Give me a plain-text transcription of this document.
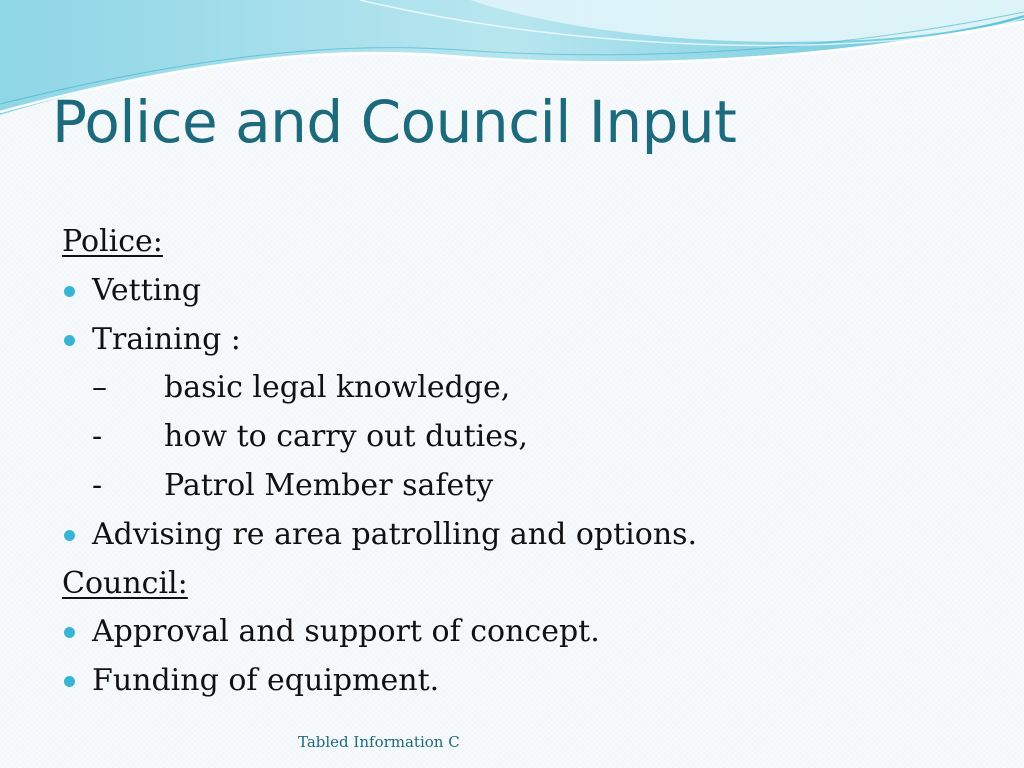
Police and Council Input
Police:
Vetting
Training :
– basic legal knowledge,
- how to carry out duties,
- Patrol Member safety
Advising re area patrolling and options.
Council:
Approval and support of concept.
Funding of equipment.
Tabled Information C
